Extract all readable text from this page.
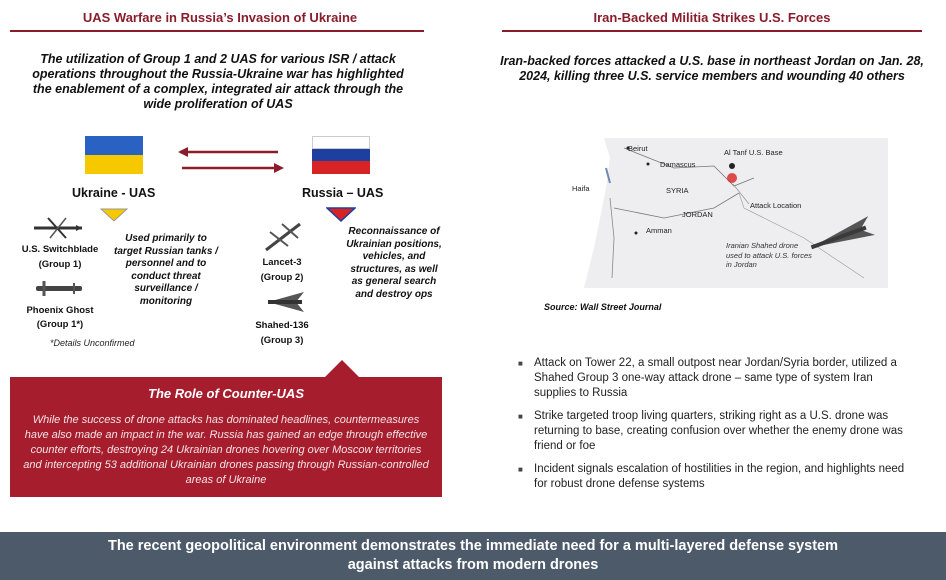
UAS Warfare in Russia’s Invasion of Ukraine
The utilization of Group 1 and 2 UAS for various ISR / attack operations throughout the Russia-Ukraine war has highlighted the enablement of a complex, integrated air attack through the wide proliferation of UAS
Ukraine - UAS	Russia – UAS
U.S. Switchblade
(Group 1)
Phoenix Ghost
(Group 1*)
*Details Unconfirmed
Used primarily to target Russian tanks / personnel and to conduct threat surveillance / monitoring
Lancet-3
(Group 2)
Shahed-136
(Group 3)
Reconnaissance of Ukrainian positions, vehicles, and structures, as well as general search and destroy ops
The Role of Counter-UAS
While the success of drone attacks has dominated headlines, countermeasures have also made an impact in the war. Russia has gained an edge through effective counter efforts, destroying 24 Ukrainian drones hovering over Moscow territories and intercepting 53 additional Ukrainian drones passing through Russian-controlled areas of Ukraine
Iran-Backed Militia Strikes U.S. Forces
Iran-backed forces attacked a U.S. base in northeast Jordan on Jan. 28, 2024, killing three U.S. service members and wounding 40 others
Beirut
Damascus
Haifa	SYRIA
JORDAN
Amman
Al Tanf U.S. Base
Attack Location
Iranian Shahed drone used to attack U.S. forces in Jordan
Source: Wall Street Journal
■ Attack on Tower 22, a small outpost near Jordan/Syria border, utilized a Shahed Group 3 one-way attack drone – same type of system Iran supplies to Russia
■ Strike targeted troop living quarters, striking right as a U.S. drone was returning to base, creating confusion over whether the enemy drone was friend or foe
■ Incident signals escalation of hostilities in the region, and highlights need for robust drone defense systems
The recent geopolitical environment demonstrates the immediate need for a multi-layered defense system
against attacks from modern drones
